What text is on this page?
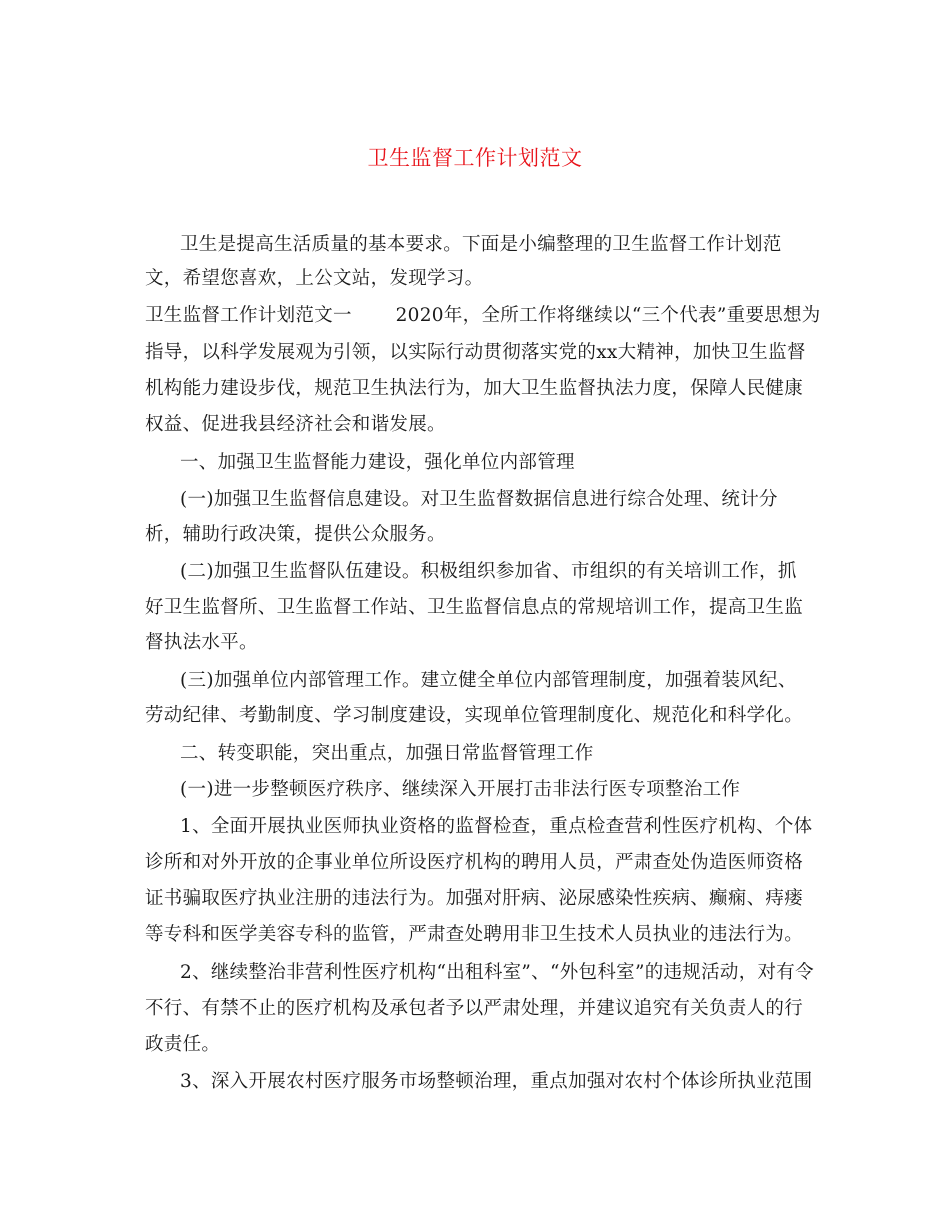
卫生监督工作计划范文
卫生是提高生活质量的基本要求。下面是小编整理的卫生监督工作计划范
文，希望您喜欢，上公文站，发现学习。
卫生监督工作计划范文一　　 2020年，全所工作将继续以“三个代表”重要思想为
指导，以科学发展观为引领，以实际行动贯彻落实党的xx大精神，加快卫生监督
机构能力建设步伐，规范卫生执法行为，加大卫生监督执法力度，保障人民健康
权益、促进我县经济社会和谐发展。
一、加强卫生监督能力建设，强化单位内部管理
(一)加强卫生监督信息建设。对卫生监督数据信息进行综合处理、统计分
析，辅助行政决策，提供公众服务。
(二)加强卫生监督队伍建设。积极组织参加省、市组织的有关培训工作，抓
好卫生监督所、卫生监督工作站、卫生监督信息点的常规培训工作，提高卫生监
督执法水平。
(三)加强单位内部管理工作。建立健全单位内部管理制度，加强着装风纪、
劳动纪律、考勤制度、学习制度建设，实现单位管理制度化、规范化和科学化。
二、转变职能，突出重点，加强日常监督管理工作
(一)进一步整顿医疗秩序、继续深入开展打击非法行医专项整治工作
1、全面开展执业医师执业资格的监督检查，重点检查营利性医疗机构、个体
诊所和对外开放的企事业单位所设医疗机构的聘用人员，严肃查处伪造医师资格
证书骗取医疗执业注册的违法行为。加强对肝病、泌尿感染性疾病、癫痫、痔瘘
等专科和医学美容专科的监管，严肃查处聘用非卫生技术人员执业的违法行为。
2、继续整治非营利性医疗机构“出租科室”、“外包科室”的违规活动，对有令
不行、有禁不止的医疗机构及承包者予以严肃处理，并建议追究有关负责人的行
政责任。
3、深入开展农村医疗服务市场整顿治理，重点加强对农村个体诊所执业范围
